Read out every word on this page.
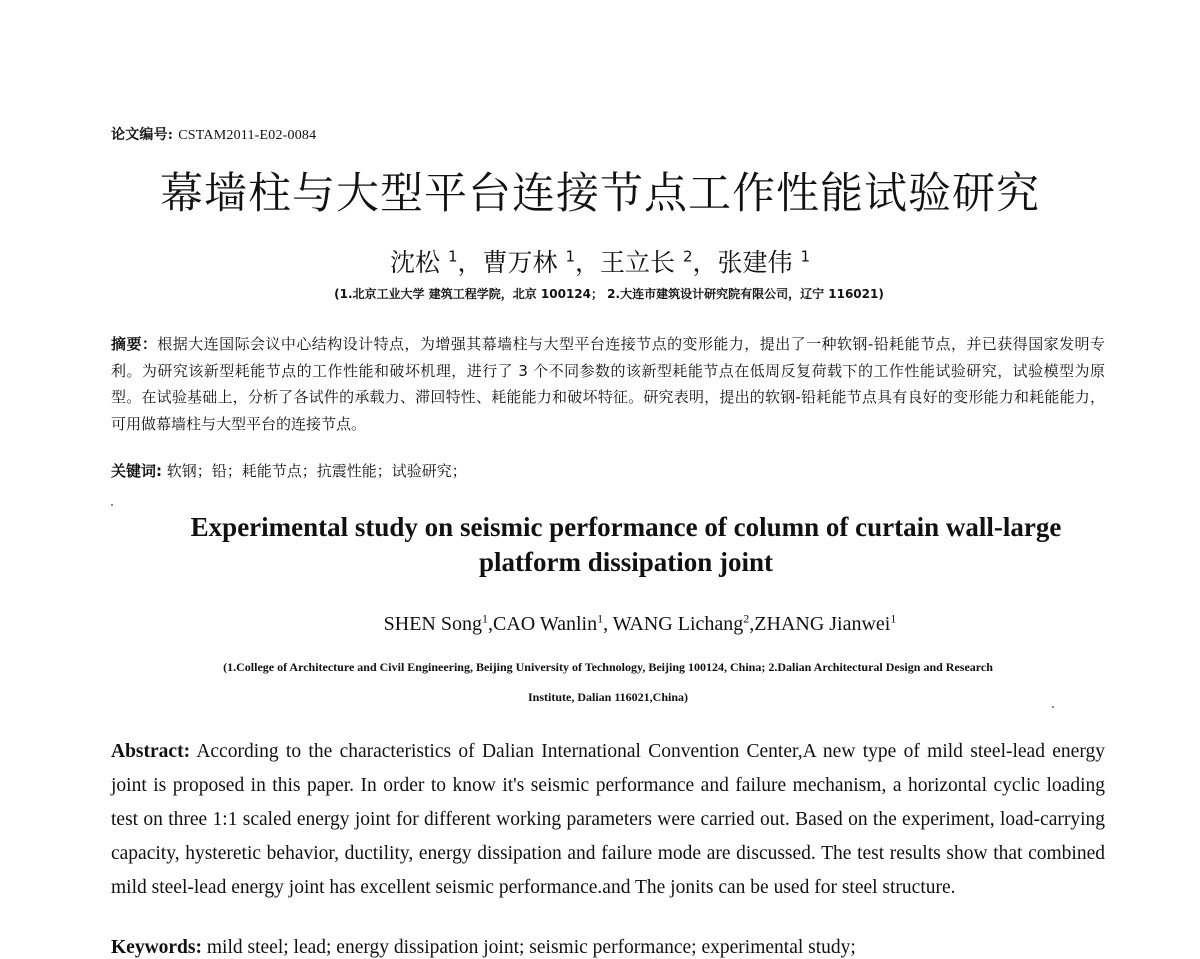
论文编号: CSTAM2011-E02-0084
幕墙柱与大型平台连接节点工作性能试验研究
沈松 $^1$，曹万林 $^1$，王立长 $^2$，张建伟 $^1$
(1.北京工业大学 建筑工程学院，北京 100124； 2.大连市建筑设计研究院有限公司，辽宁 116021)
摘要：根据大连国际会议中心结构设计特点，为增强其幕墙柱与大型平台连接节点的变形能力，提出了一种软钢-铅耗能节点，并已获得国家发明专利。为研究该新型耗能节点的工作性能和破坏机理，进行了 3 个不同参数的该新型耗能节点在低周反复荷载下的工作性能试验研究，试验模型为原型。在试验基础上，分析了各试件的承载力、滞回特性、耗能能力和破坏特征。研究表明，提出的软钢-铅耗能节点具有良好的变形能力和耗能能力，可用做幕墙柱与大型平台的连接节点。
关键词: 软钢；铅；耗能节点；抗震性能；试验研究；
Experimental study on seismic performance of column of curtain wall-large
platform dissipation joint
SHEN Song$^1$,CAO Wanlin$^1$, WANG Lichang$^2$,ZHANG Jianwei$^1$
(1.College of Architecture and Civil Engineering, Beijing University of Technology, Beijing 100124, China; 2.Dalian Architectural Design and Research
Institute, Dalian 116021,China)
Abstract: According to the characteristics of Dalian International Convention Center,A new type of mild steel-lead energy joint is proposed in this paper. In order to know it's seismic performance and failure mechanism, a horizontal cyclic loading test on three 1:1 scaled energy joint for different working parameters were carried out. Based on the experiment, load-carrying capacity, hysteretic behavior, ductility, energy dissipation and failure mode are discussed. The test results show that combined mild steel-lead energy joint has excellent seismic performance.and The jonits can be used for steel structure.
Keywords: mild steel; lead; energy dissipation joint; seismic performance; experimental study;
